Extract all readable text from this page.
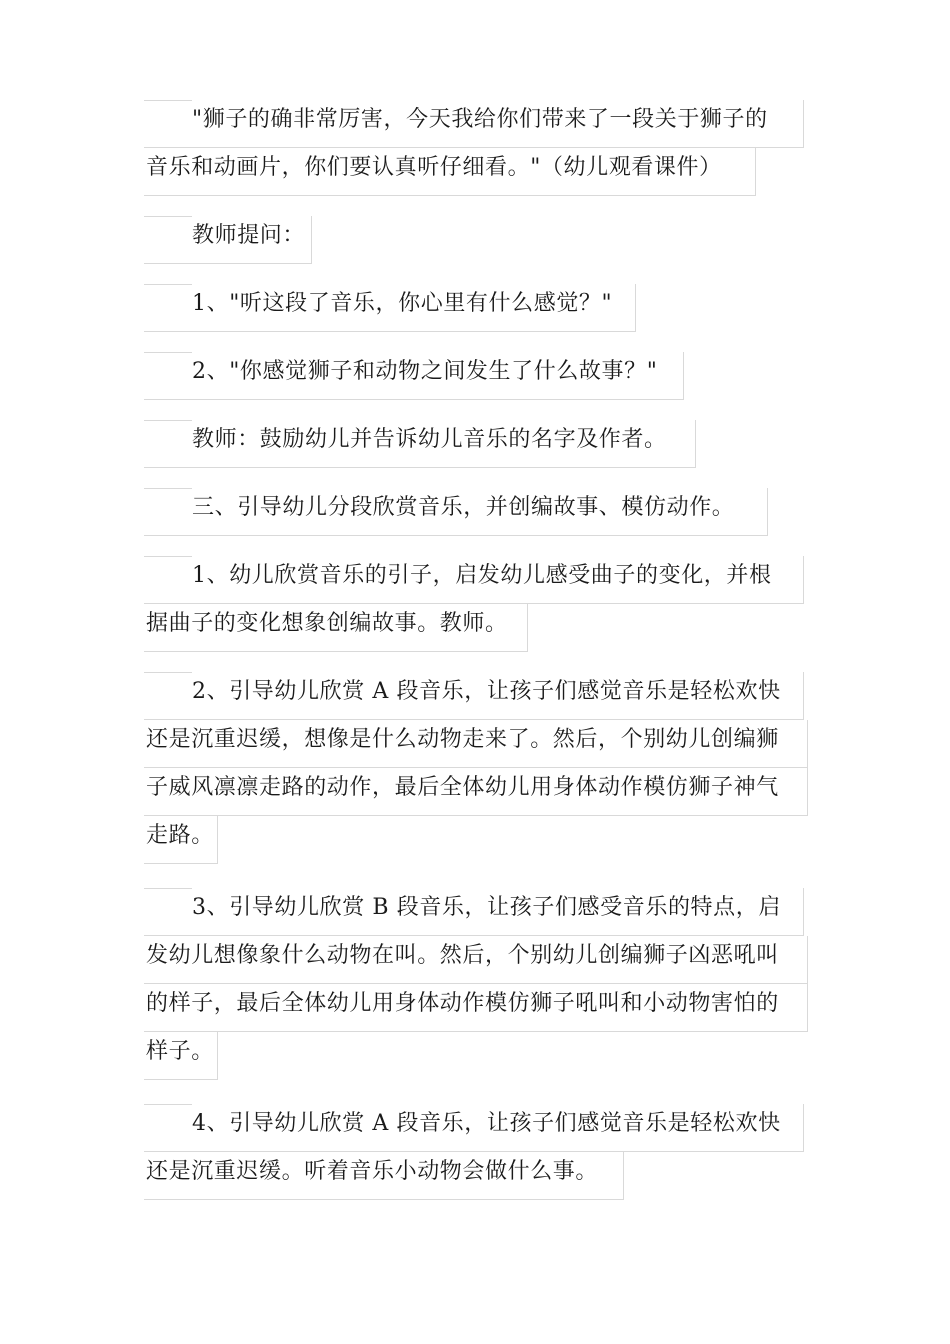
"狮子的确非常厉害，今天我给你们带来了一段关于狮子的
音乐和动画片，你们要认真听仔细看。"（幼儿观看课件）
教师提问：
1、"听这段了音乐，你心里有什么感觉？"
2、"你感觉狮子和动物之间发生了什么故事？"
教师：鼓励幼儿并告诉幼儿音乐的名字及作者。
三、引导幼儿分段欣赏音乐，并创编故事、模仿动作。
1、幼儿欣赏音乐的引子，启发幼儿感受曲子的变化，并根
据曲子的变化想象创编故事。教师。
2、引导幼儿欣赏 A 段音乐，让孩子们感觉音乐是轻松欢快
还是沉重迟缓，想像是什么动物走来了。然后，个别幼儿创编狮
子威风凛凛走路的动作，最后全体幼儿用身体动作模仿狮子神气
走路。
3、引导幼儿欣赏 B 段音乐，让孩子们感受音乐的特点，启
发幼儿想像象什么动物在叫。然后，个别幼儿创编狮子凶恶吼叫
的样子，最后全体幼儿用身体动作模仿狮子吼叫和小动物害怕的
样子。
4、引导幼儿欣赏 A 段音乐，让孩子们感觉音乐是轻松欢快
还是沉重迟缓。听着音乐小动物会做什么事。
